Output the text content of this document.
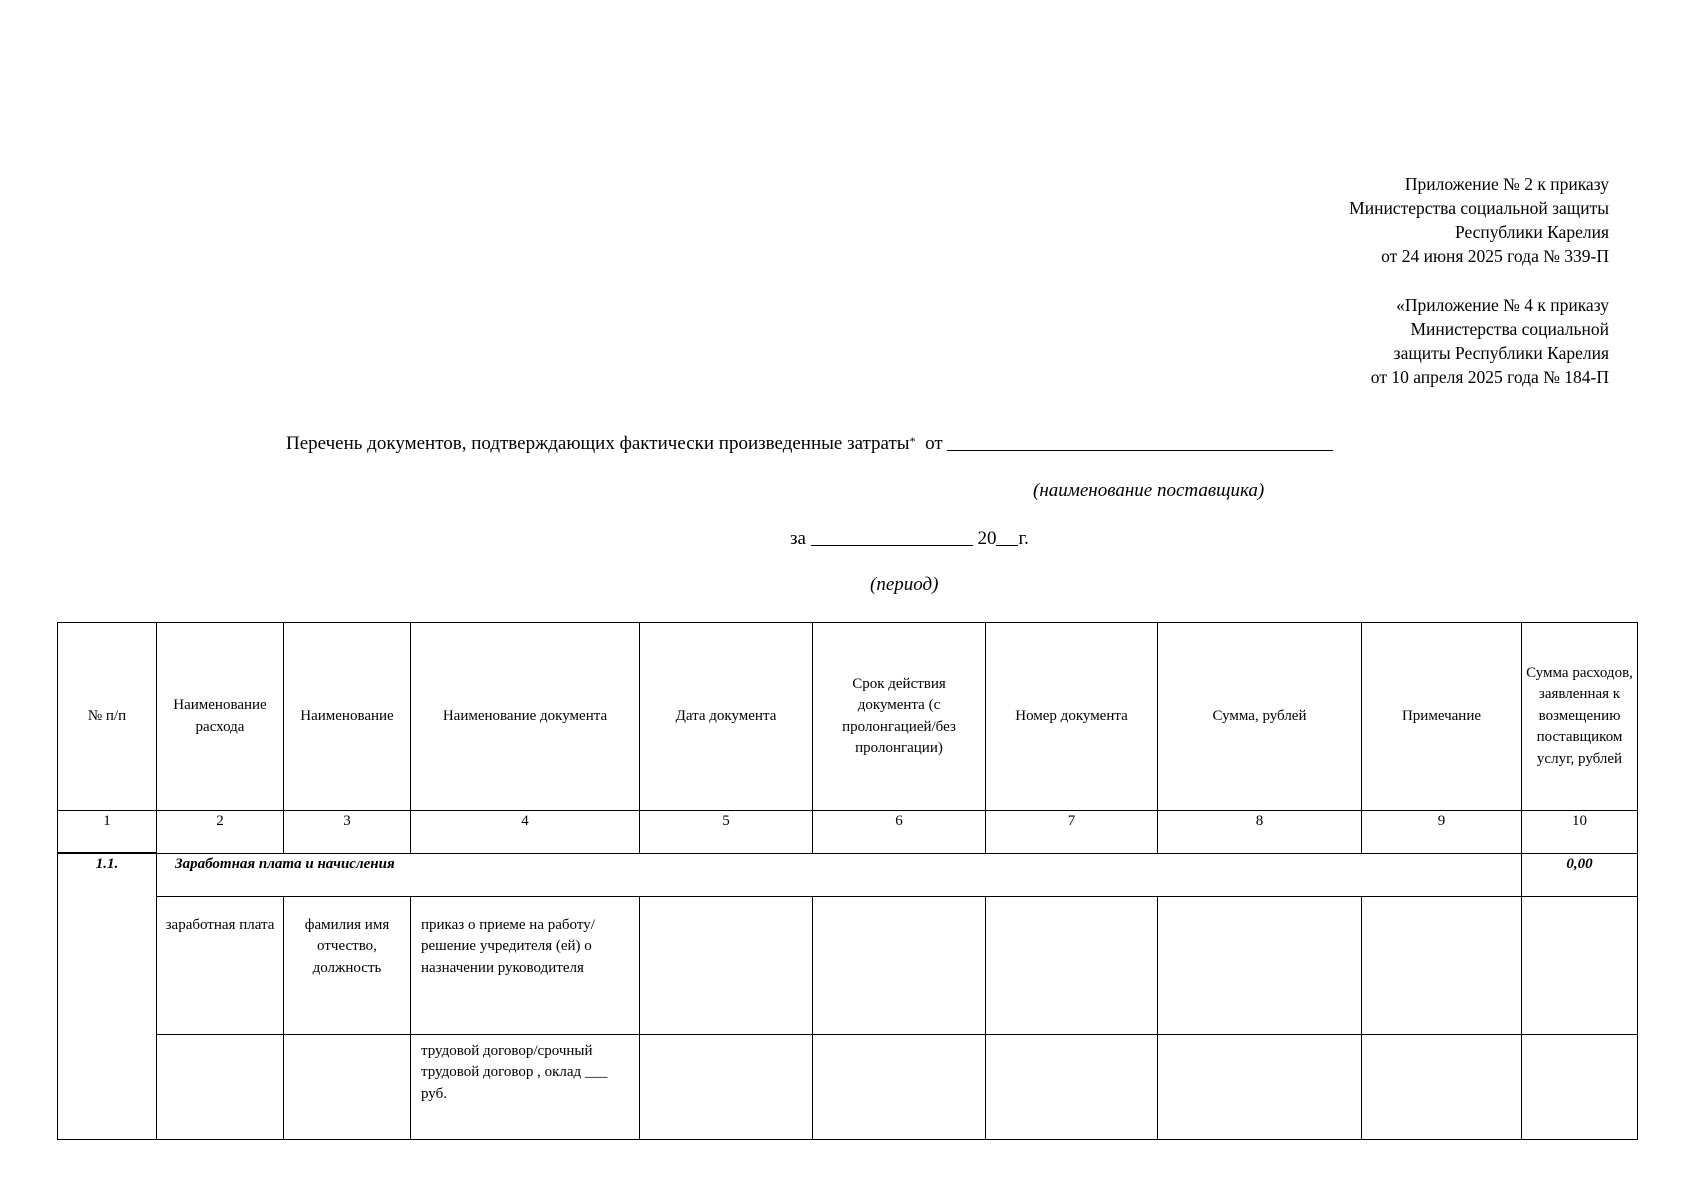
Приложение № 2 к приказу
Министерства социальной защиты
Республики Карелия
от 24 июня 2025 года № 339-П
«Приложение № 4 к приказу
Министерства социальной
защиты Республики Карелия
от 10 апреля 2025 года № 184-П
Перечень документов, подтверждающих фактически произведенные затраты* от
(наименование поставщика)
за	20 г.
(период)
№ п/п	Наименование расхода	Наименование	Наименование документа	Дата документа	Срок действия документа (с пролонгацией/без пролонгации)	Номер документа	Сумма, рублей	Примечание	Сумма расходов, заявленная к возмещению поставщиком услуг, рублей
1	2	3	4	5	6	7	8	9	10
1.1.	Заработная плата и начисления								0,00
	заработная плата	фамилия имя отчество, должность	приказ о приеме на работу/ решение учредителя (ей) о назначении руководителя						
			трудовой договор/срочный трудовой договор , оклад ___ руб.						
